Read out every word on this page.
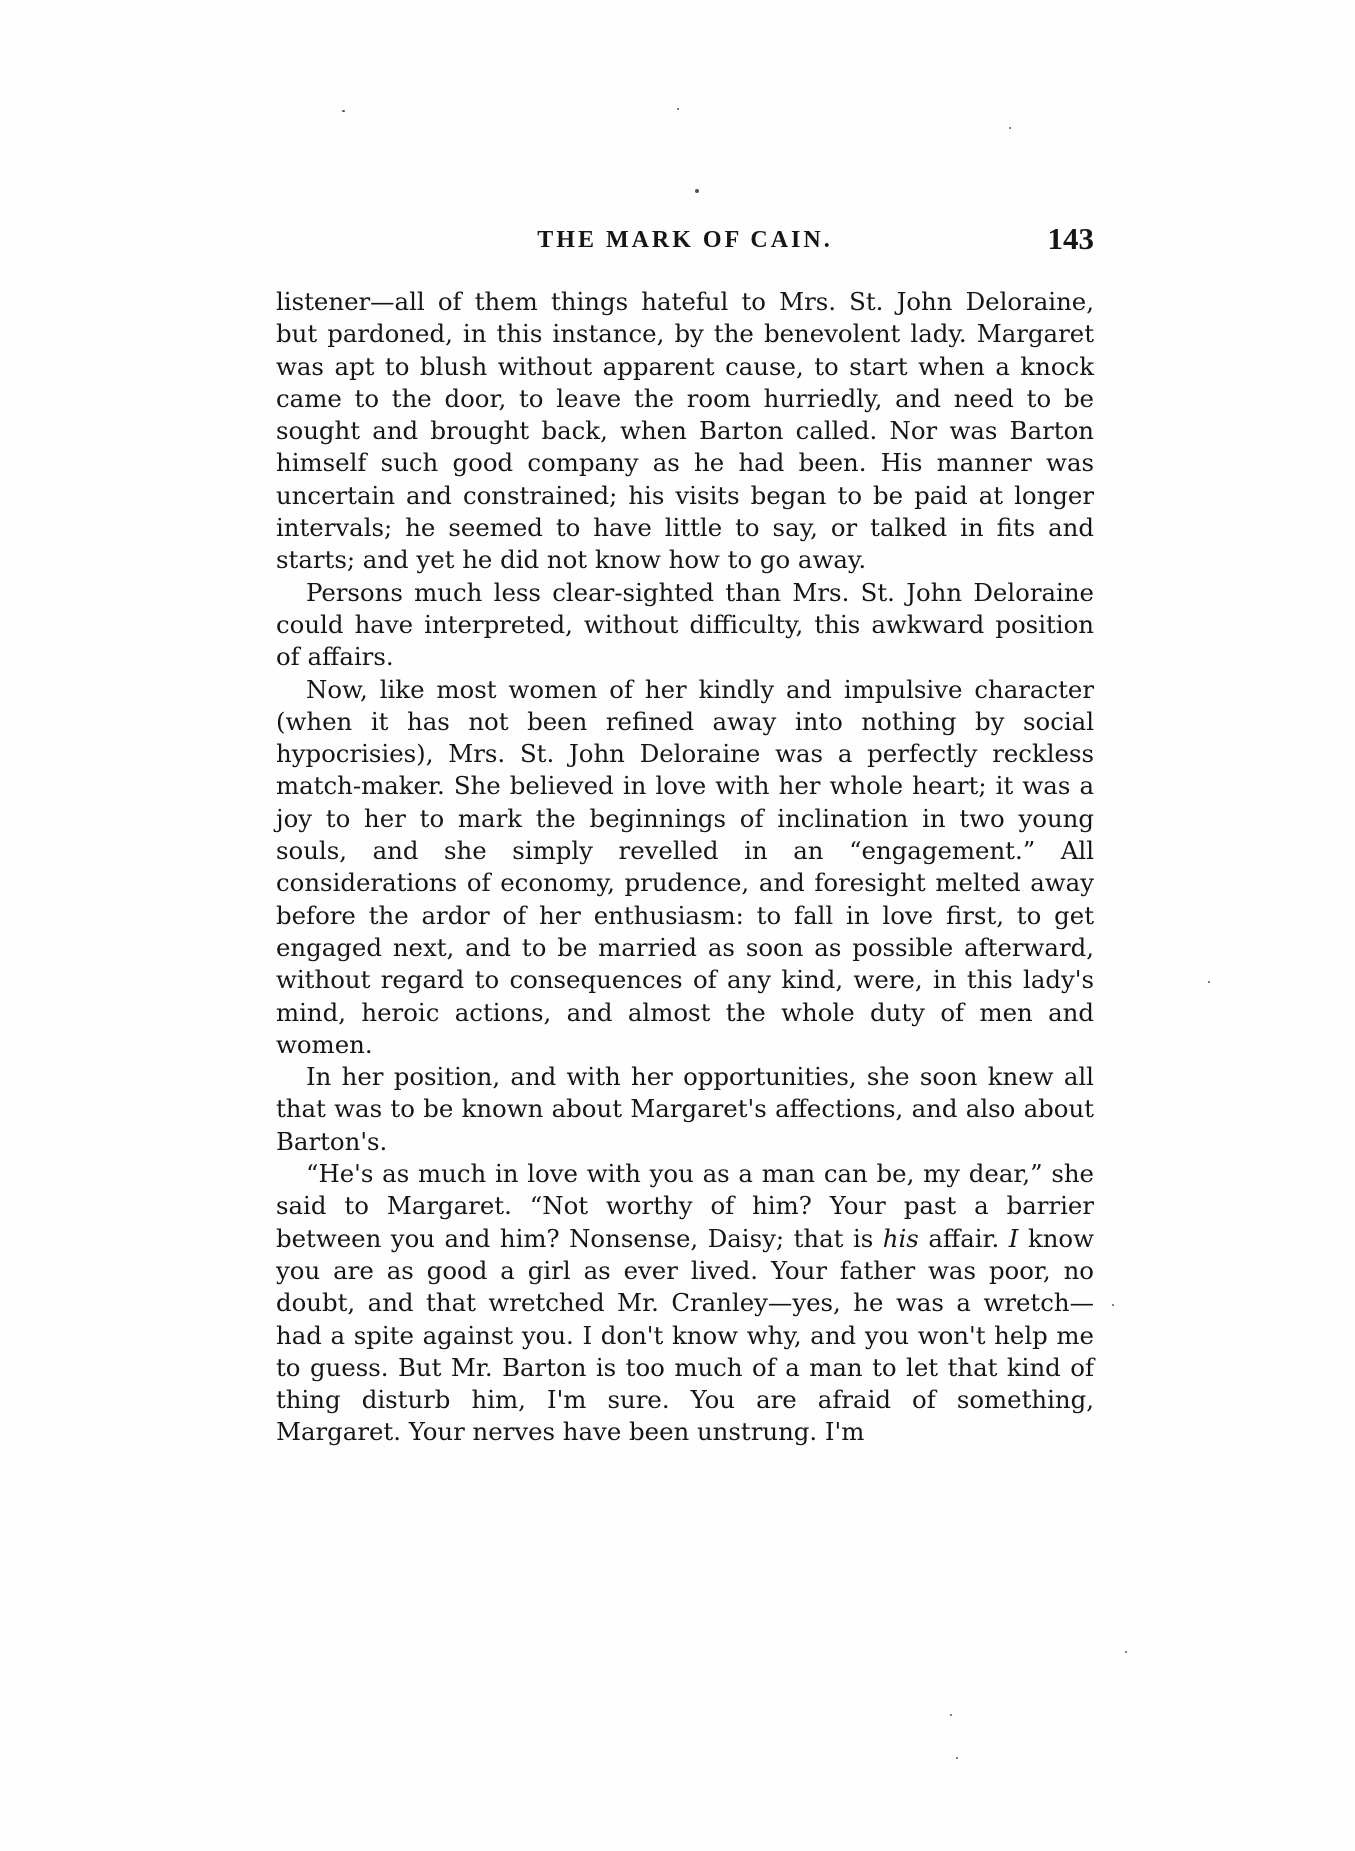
THE MARK OF CAIN.	143

listener—all of them things hateful to Mrs. St. John Deloraine, but pardoned, in this instance, by the benevolent lady. Margaret was apt to blush without apparent cause, to start when a knock came to the door, to leave the room hurriedly, and need to be sought and brought back, when Barton called. Nor was Barton himself such good company as he had been. His manner was uncertain and constrained; his visits began to be paid at longer intervals; he seemed to have little to say, or talked in fits and starts; and yet he did not know how to go away.

Persons much less clear-sighted than Mrs. St. John Deloraine could have interpreted, without difficulty, this awkward position of affairs.

Now, like most women of her kindly and impulsive character (when it has not been refined away into nothing by social hypocrisies), Mrs. St. John Deloraine was a perfectly reckless match-maker. She believed in love with her whole heart; it was a joy to her to mark the beginnings of inclination in two young souls, and she simply revelled in an “engagement.” All considerations of economy, prudence, and foresight melted away before the ardor of her enthusiasm: to fall in love first, to get engaged next, and to be married as soon as possible afterward, without regard to consequences of any kind, were, in this lady's mind, heroic actions, and almost the whole duty of men and women.

In her position, and with her opportunities, she soon knew all that was to be known about Margaret's affections, and also about Barton's.

“He's as much in love with you as a man can be, my dear,” she said to Margaret. “Not worthy of him? Your past a barrier between you and him? Nonsense, Daisy; that is his affair. I know you are as good a girl as ever lived. Your father was poor, no doubt, and that wretched Mr. Cranley—yes, he was a wretch—had a spite against you. I don't know why, and you won't help me to guess. But Mr. Barton is too much of a man to let that kind of thing disturb him, I'm sure. You are afraid of something, Margaret. Your nerves have been unstrung. I'm
